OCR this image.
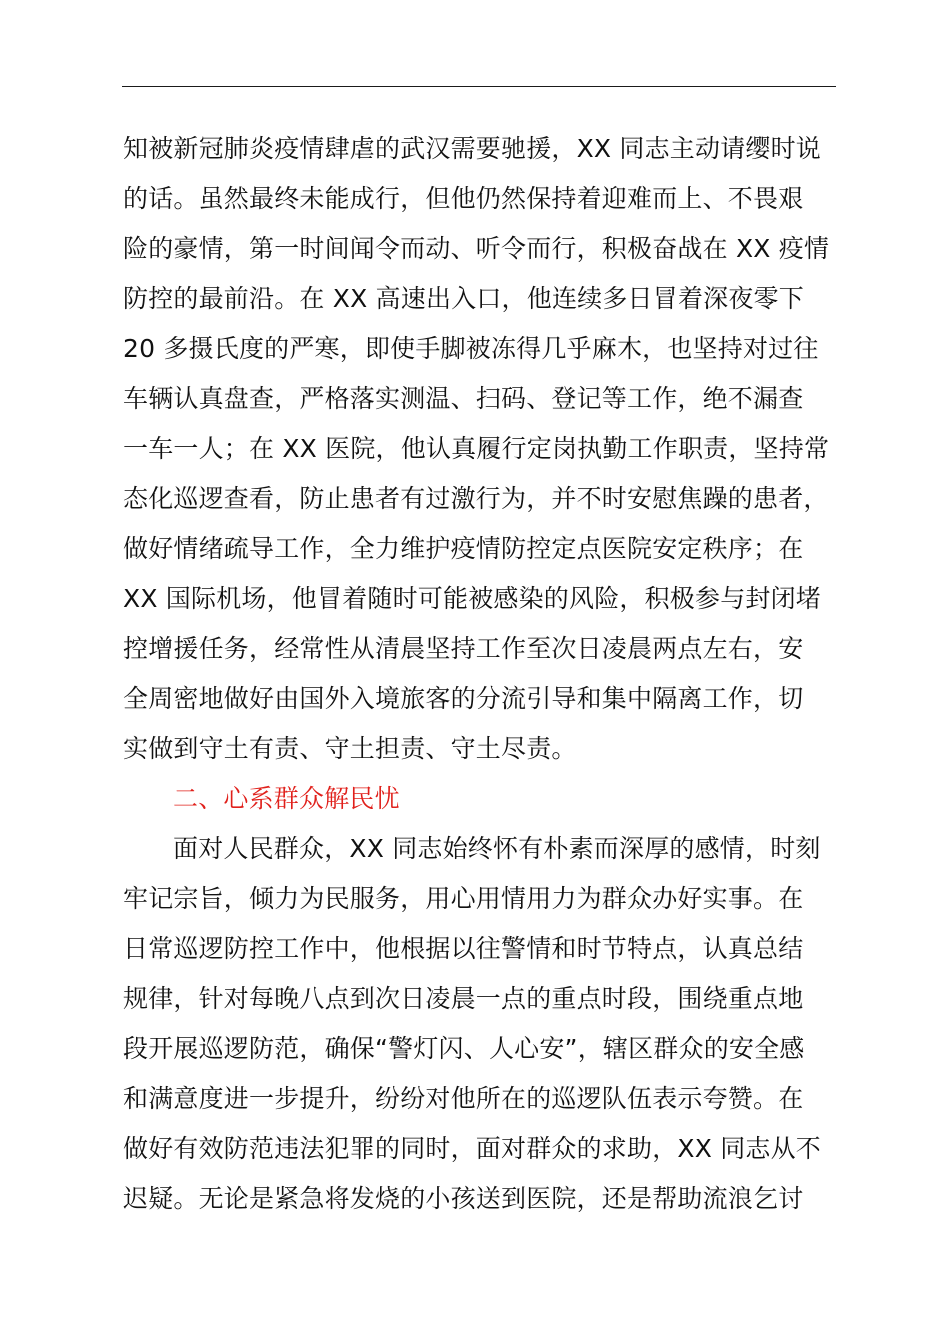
知被新冠肺炎疫情肆虐的武汉需要驰援，XX 同志主动请缨时说
的话。虽然最终未能成行，但他仍然保持着迎难而上、不畏艰
险的豪情，第一时间闻令而动、听令而行，积极奋战在 XX 疫情
防控的最前沿。在 XX 高速出入口，他连续多日冒着深夜零下
20 多摄氏度的严寒，即使手脚被冻得几乎麻木，也坚持对过往
车辆认真盘查，严格落实测温、扫码、登记等工作，绝不漏查
一车一人；在 XX 医院，他认真履行定岗执勤工作职责，坚持常
态化巡逻查看，防止患者有过激行为，并不时安慰焦躁的患者，
做好情绪疏导工作，全力维护疫情防控定点医院安定秩序；在
XX 国际机场，他冒着随时可能被感染的风险，积极参与封闭堵
控增援任务，经常性从清晨坚持工作至次日凌晨两点左右，安
全周密地做好由国外入境旅客的分流引导和集中隔离工作，切
实做到守土有责、守土担责、守土尽责。
二、心系群众解民忧
面对人民群众，XX 同志始终怀有朴素而深厚的感情，时刻
牢记宗旨，倾力为民服务，用心用情用力为群众办好实事。在
日常巡逻防控工作中，他根据以往警情和时节特点，认真总结
规律，针对每晚八点到次日凌晨一点的重点时段，围绕重点地
段开展巡逻防范，确保“警灯闪、人心安”，辖区群众的安全感
和满意度进一步提升，纷纷对他所在的巡逻队伍表示夸赞。在
做好有效防范违法犯罪的同时，面对群众的求助，XX 同志从不
迟疑。无论是紧急将发烧的小孩送到医院，还是帮助流浪乞讨
